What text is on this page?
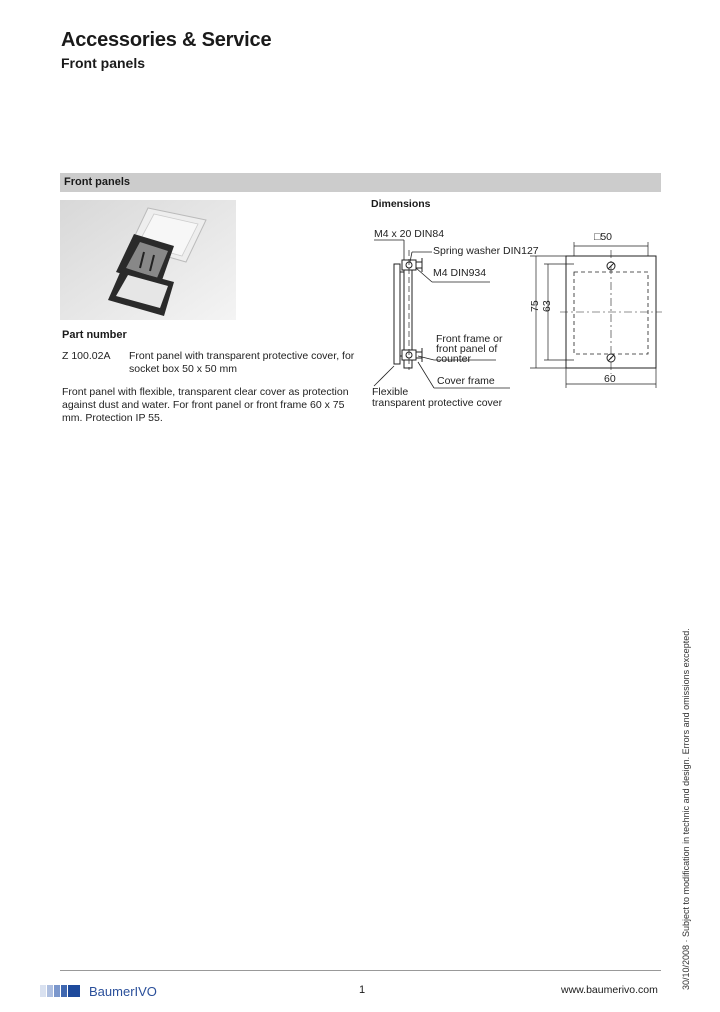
Accessories & Service
Front panels
Front panels
Part number
Z 100.02A Front panel with transparent protective cover, for socket box 50 x 50 mm
Front panel with flexible, transparent clear cover as protection against dust and water. For front panel or front frame 60 x 75 mm. Protection IP 55.
Dimensions
M4 x 20 DIN84
Spring washer DIN127
M4 DIN934
Front frame or
front panel of
counter
Cover frame
Flexible
transparent protective cover
□50
75 63
60
30/10/2008 · Subject to modification in technic and design. Errors and omissions excepted.
BaumerIVO	1	www.baumerivo.com
